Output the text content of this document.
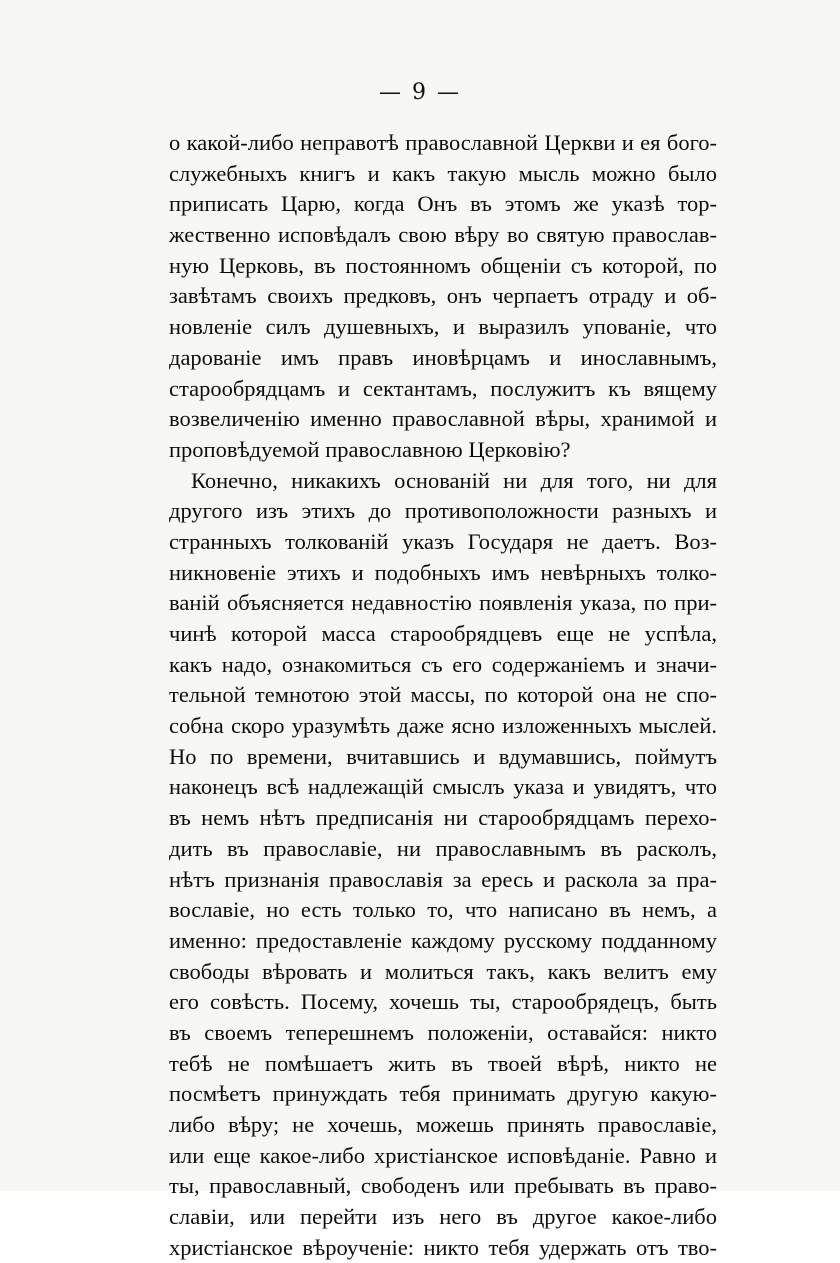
— 9 —
о какой-либо неправотѣ православной Церкви и ея бого-
служебныхъ книгъ и какъ такую мысль можно было
приписать Царю, когда Онъ въ этомъ же указѣ тор-
жественно исповѣдалъ свою вѣру во святую православ-
ную Церковь, въ постоянномъ общеніи съ которой, по
завѣтамъ своихъ предковъ, онъ черпаетъ отраду и об-
новленіе силъ душевныхъ, и выразилъ упованіе, что
дарованіе имъ правъ иновѣрцамъ и инославнымъ,
старообрядцамъ и сектантамъ, послужитъ къ вящему
возвеличенію именно православной вѣры, хранимой и
проповѣдуемой православною Церковію?
Конечно, никакихъ основаній ни для того, ни для
другого изъ этихъ до противоположности разныхъ и
странныхъ толкованій указъ Государя не даетъ. Воз-
никновеніе этихъ и подобныхъ имъ невѣрныхъ толко-
ваній объясняется недавностію появленія указа, по при-
чинѣ которой масса старообрядцевъ еще не успѣла,
какъ надо, ознакомиться съ его содержаніемъ и значи-
тельной темнотою этой массы, по которой она не спо-
собна скоро уразумѣть даже ясно изложенныхъ мыслей.
Но по времени, вчитавшись и вдумавшись, поймутъ
наконецъ всѣ надлежащій смыслъ указа и увидятъ, что
въ немъ нѣтъ предписанія ни старообрядцамъ перехо-
дить въ православіе, ни православнымъ въ расколъ,
нѣтъ признанія православія за ересь и раскола за пра-
вославіе, но есть только то, что написано въ немъ, а
именно: предоставленіе каждому русскому подданному
свободы вѣровать и молиться такъ, какъ велитъ ему
его совѣсть. Посему, хочешь ты, старообрядецъ, быть
въ своемъ теперешнемъ положеніи, оставайся: никто
тебѣ не помѣшаетъ жить въ твоей вѣрѣ, никто не
посмѣетъ принуждать тебя принимать другую какую-
либо вѣру; не хочешь, можешь принять православіе,
или еще какое-либо христіанское исповѣданіе. Равно и
ты, православный, свободенъ или пребывать въ право-
славіи, или перейти изъ него въ другое какое-либо
христіанское вѣроученіе: никто тебя удержать отъ тво-
